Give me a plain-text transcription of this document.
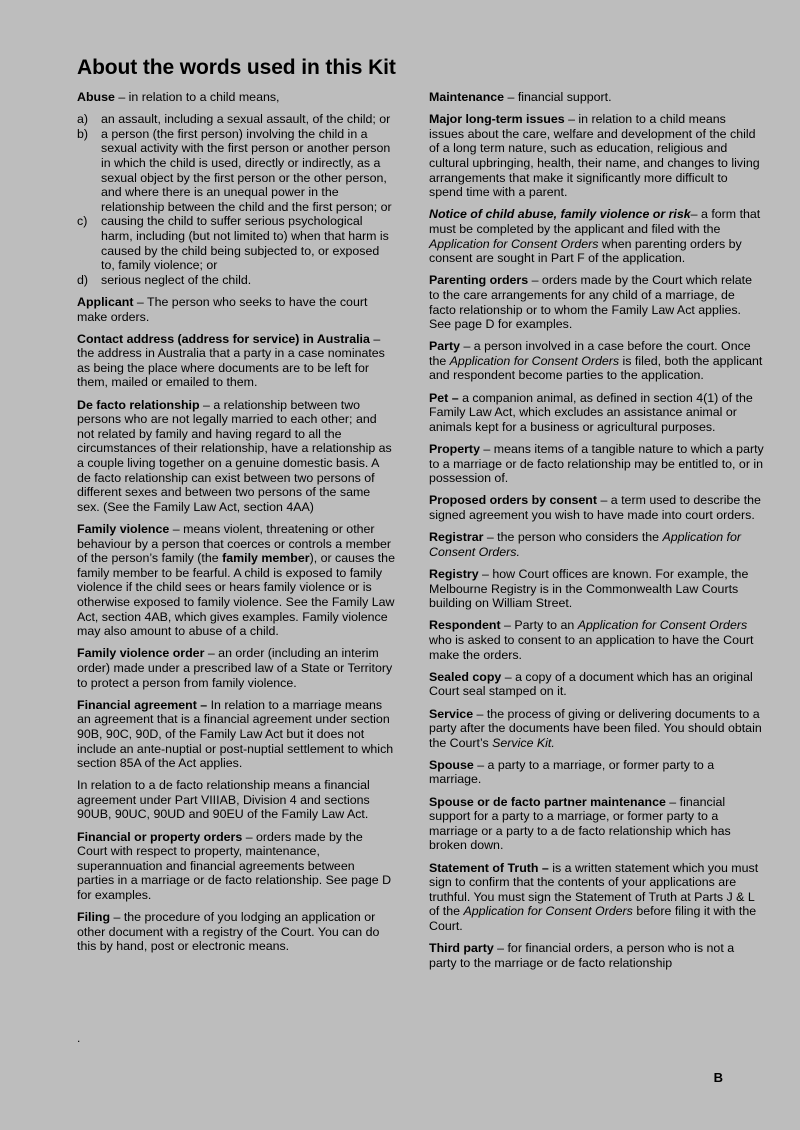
About the words used in this Kit

Abuse – in relation to a child means,

a)	an assault, including a sexual assault, of the child; or
b)	a person (the first person) involving the child in a sexual activity with the first person or another person in which the child is used, directly or indirectly, as a sexual object by the first person or the other person, and where there is an unequal power in the relationship between the child and the first person; or
c)	causing the child to suffer serious psychological harm, including (but not limited to) when that harm is caused by the child being subjected to, or exposed to, family violence; or
d)	serious neglect of the child.

Applicant – The person who seeks to have the court make orders.

Contact address (address for service) in Australia – the address in Australia that a party in a case nominates as being the place where documents are to be left for them, mailed or emailed to them.

De facto relationship – a relationship between two persons who are not legally married to each other; and not related by family and having regard to all the circumstances of their relationship, have a relationship as a couple living together on a genuine domestic basis. A de facto relationship can exist between two persons of different sexes and between two persons of the same sex. (See the Family Law Act, section 4AA)

Family violence – means violent, threatening or other behaviour by a person that coerces or controls a member of the person’s family (the family member), or causes the family member to be fearful. A child is exposed to family violence if the child sees or hears family violence or is otherwise exposed to family violence. See the Family Law Act, section 4AB, which gives examples. Family violence may also amount to abuse of a child.

Family violence order – an order (including an interim order) made under a prescribed law of a State or Territory to protect a person from family violence.

Financial agreement – In relation to a marriage means an agreement that is a financial agreement under section 90B, 90C, 90D, of the Family Law Act but it does not include an ante-nuptial or post-nuptial settlement to which section 85A of the Act applies.

In relation to a de facto relationship means a financial agreement under Part VIIIAB, Division 4 and sections 90UB, 90UC, 90UD and 90EU of the Family Law Act.

Financial or property orders – orders made by the Court with respect to property, maintenance, superannuation and financial agreements between parties in a marriage or de facto relationship. See page D for examples.

Filing – the procedure of you lodging an application or other document with a registry of the Court. You can do this by hand, post or electronic means.

Maintenance – financial support.

Major long-term issues – in relation to a child means issues about the care, welfare and development of the child of a long term nature, such as education, religious and cultural upbringing, health, their name, and changes to living arrangements that make it significantly more difficult to spend time with a parent.

Notice of child abuse, family violence or risk– a form that must be completed by the applicant and filed with the Application for Consent Orders when parenting orders by consent are sought in Part F of the application.

Parenting orders – orders made by the Court which relate to the care arrangements for any child of a marriage, de facto relationship or to whom the Family Law Act applies. See page D for examples.

Party – a person involved in a case before the court. Once the Application for Consent Orders is filed, both the applicant and respondent become parties to the application.

Pet – a companion animal, as defined in section 4(1) of the Family Law Act, which excludes an assistance animal or animals kept for a business or agricultural purposes.

Property – means items of a tangible nature to which a party to a marriage or de facto relationship may be entitled to, or in possession of.

Proposed orders by consent – a term used to describe the signed agreement you wish to have made into court orders.

Registrar – the person who considers the Application for Consent Orders.

Registry – how Court offices are known. For example, the Melbourne Registry is in the Commonwealth Law Courts building on William Street.

Respondent – Party to an Application for Consent Orders who is asked to consent to an application to have the Court make the orders.

Sealed copy – a copy of a document which has an original Court seal stamped on it.

Service – the process of giving or delivering documents to a party after the documents have been filed. You should obtain the Court’s Service Kit.

Spouse – a party to a marriage, or former party to a marriage.

Spouse or de facto partner maintenance – financial support for a party to a marriage, or former party to a marriage or a party to a de facto relationship which has broken down.

Statement of Truth – is a written statement which you must sign to confirm that the contents of your applications are truthful. You must sign the Statement of Truth at Parts J & L of the Application for Consent Orders before filing it with the Court.

Third party – for financial orders, a person who is not a party to the marriage or de facto relationship

.
B
